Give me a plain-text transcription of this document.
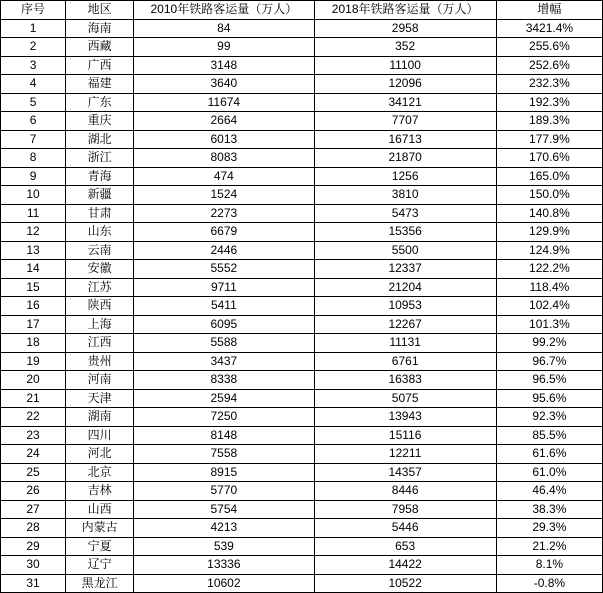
序号	地区	2010年铁路客运量（万人）	2018年铁路客运量（万人）	增幅
1	海南	84	2958	3421.4%
2	西藏	99	352	255.6%
3	广西	3148	11100	252.6%
4	福建	3640	12096	232.3%
5	广东	11674	34121	192.3%
6	重庆	2664	7707	189.3%
7	湖北	6013	16713	177.9%
8	浙江	8083	21870	170.6%
9	青海	474	1256	165.0%
10	新疆	1524	3810	150.0%
11	甘肃	2273	5473	140.8%
12	山东	6679	15356	129.9%
13	云南	2446	5500	124.9%
14	安徽	5552	12337	122.2%
15	江苏	9711	21204	118.4%
16	陕西	5411	10953	102.4%
17	上海	6095	12267	101.3%
18	江西	5588	11131	99.2%
19	贵州	3437	6761	96.7%
20	河南	8338	16383	96.5%
21	天津	2594	5075	95.6%
22	湖南	7250	13943	92.3%
23	四川	8148	15116	85.5%
24	河北	7558	12211	61.6%
25	北京	8915	14357	61.0%
26	吉林	5770	8446	46.4%
27	山西	5754	7958	38.3%
28	内蒙古	4213	5446	29.3%
29	宁夏	539	653	21.2%
30	辽宁	13336	14422	8.1%
31	黑龙江	10602	10522	-0.8%
